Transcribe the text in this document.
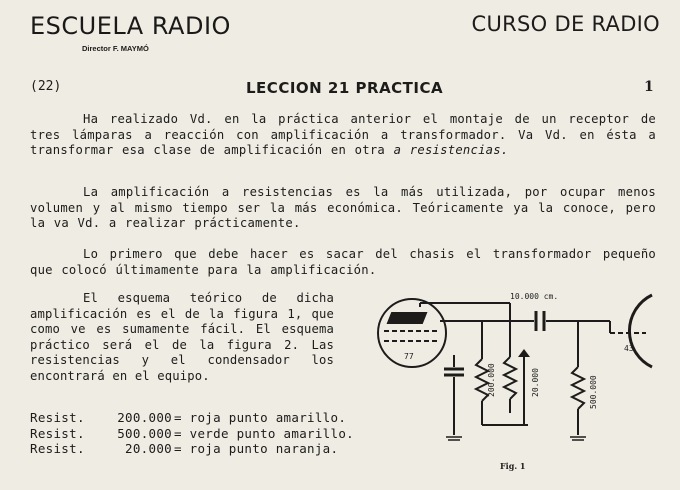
ESCUELA RADIO
Director F. MAYMÓ
CURSO DE RADIO
(22)	LECCION 21 PRACTICA	1
Ha realizado Vd. en la práctica anterior el montaje de un receptor de tres lámparas a reacción con amplificación a transformador. Va Vd. en ésta a transformar esa clase de amplificación en otra a resistencias.
La amplificación a resistencias es la más utilizada, por ocupar menos volumen y al mismo tiempo ser la más económica. Teóricamente ya la conoce, pero la va Vd. a realizar prácticamente.
Lo primero que debe hacer es sacar del chasis el transformador pequeño que colocó últimamente para la amplificación.
El esquema teórico de dicha amplificación es el de la figura 1, que como ve es sumamente fácil. El esquema práctico será el de la figura 2. Las resistencias y el condensador los encontrará en el equipo.
Resist.	200.000 = roja punto amarillo.
Resist.	500.000 = verde punto amarillo.
Resist.	20.000 = roja punto naranja.
10.000 cm.
77
43
200.000	20.000	500.000
Fig. 1
